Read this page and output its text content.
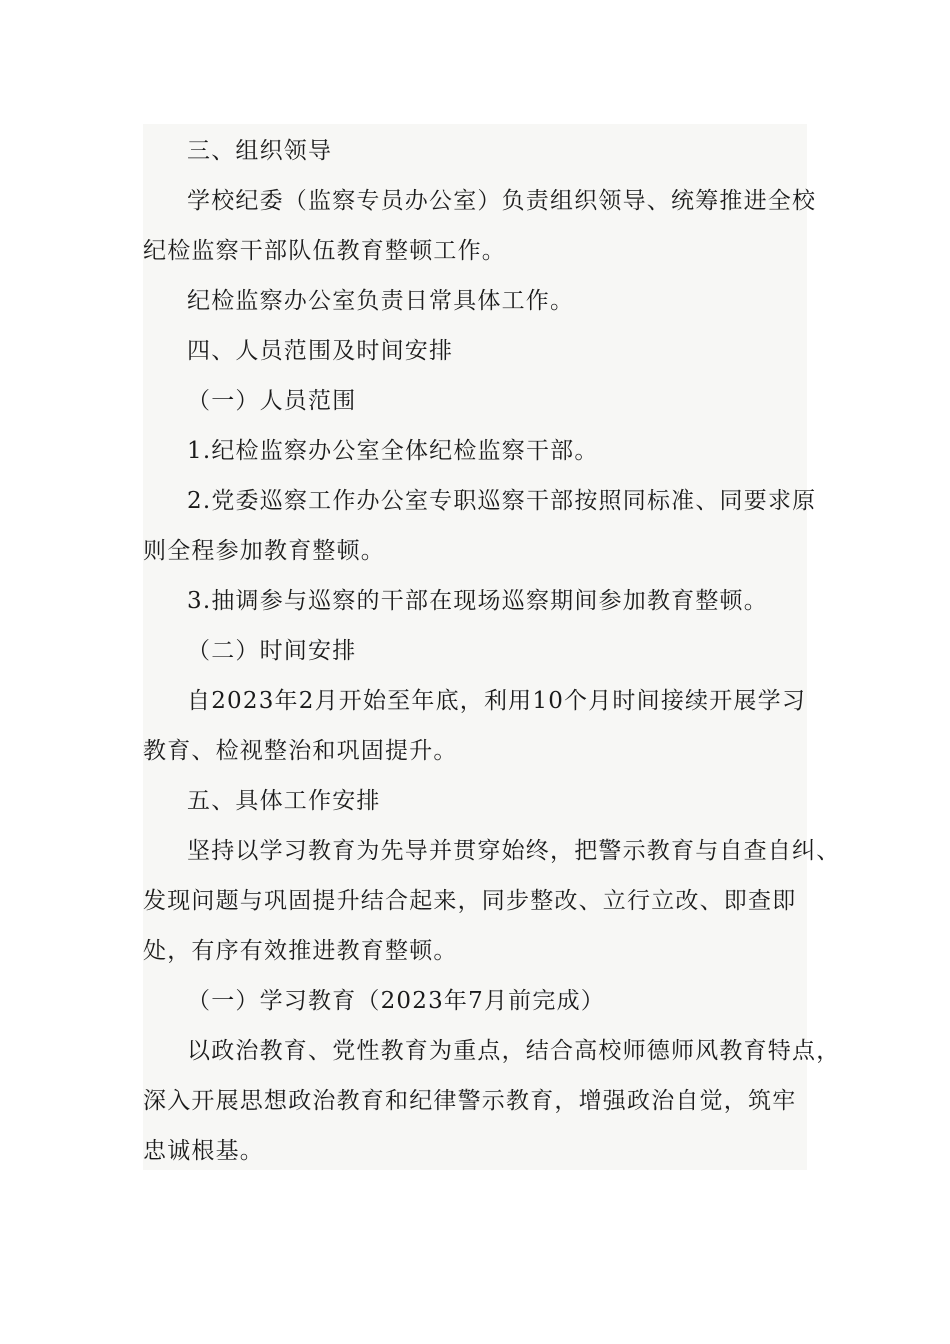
三、组织领导

学校纪委（监察专员办公室）负责组织领导、统筹推进全校
纪检监察干部队伍教育整顿工作。

纪检监察办公室负责日常具体工作。

四、人员范围及时间安排

（一）人员范围

1.纪检监察办公室全体纪检监察干部。

2.党委巡察工作办公室专职巡察干部按照同标准、同要求原
则全程参加教育整顿。

3.抽调参与巡察的干部在现场巡察期间参加教育整顿。

（二）时间安排

自2023年2月开始至年底，利用10个月时间接续开展学习
教育、检视整治和巩固提升。

五、具体工作安排

坚持以学习教育为先导并贯穿始终，把警示教育与自查自纠、
发现问题与巩固提升结合起来，同步整改、立行立改、即查即
处，有序有效推进教育整顿。

（一）学习教育（2023年7月前完成）

以政治教育、党性教育为重点，结合高校师德师风教育特点，
深入开展思想政治教育和纪律警示教育，增强政治自觉，筑牢
忠诚根基。
